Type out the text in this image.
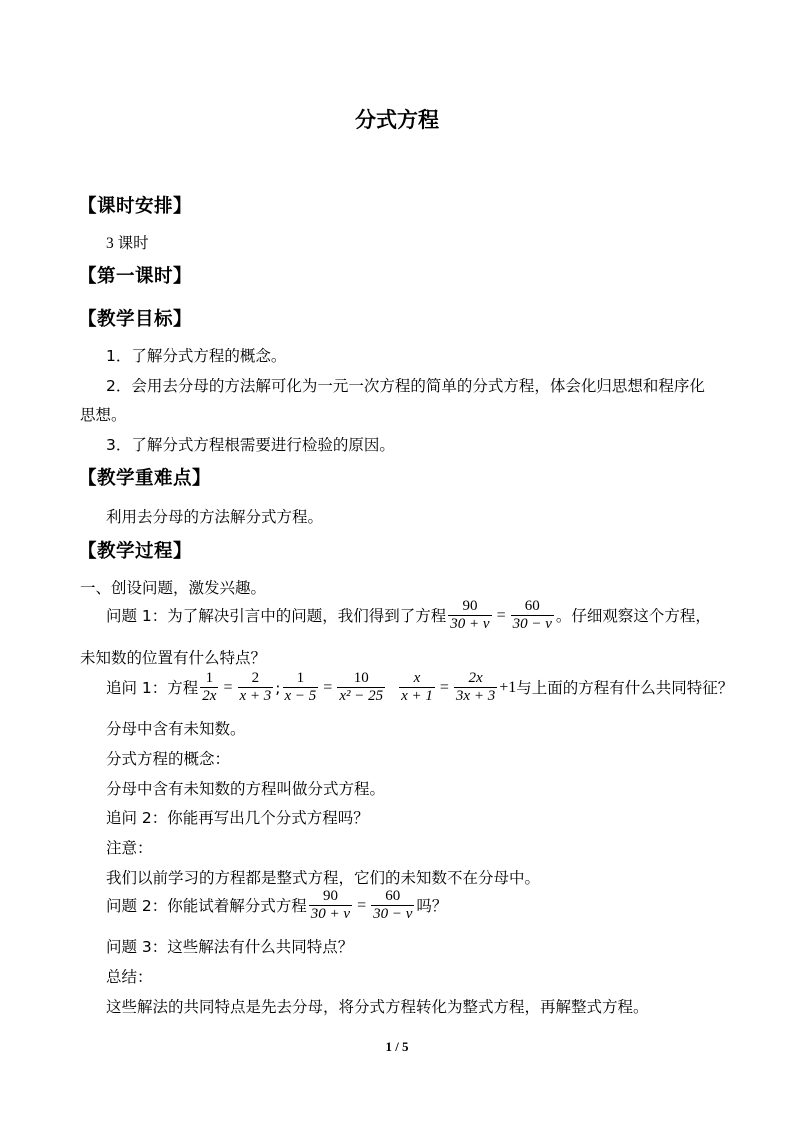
分式方程
【课时安排】
3 课时
【第一课时】
【教学目标】
1．了解分式方程的概念。
2．会用去分母的方法解可化为一元一次方程的简单的分式方程，体会化归思想和程序化
思想。
3．了解分式方程根需要进行检验的原因。
【教学重难点】
利用去分母的方法解分式方程。
【教学过程】
一、创设问题，激发兴趣。
问题 1：为了解决引言中的问题，我们得到了方程 $\frac{90}{30 + v} = \frac{60}{30 - v}$ 。仔细观察这个方程，
未知数的位置有什么特点？
追问 1：方程 $\frac{1}{2x} = \frac{2}{x + 3}$ ; $\frac{1}{x - 5} = \frac{10}{\text{x² − 25}} \frac{x}{x + 1} = \frac{2x}{3x + 3} +1$ 与上面的方程有什么共同特征？
分母中含有未知数。
分式方程的概念：
分母中含有未知数的方程叫做分式方程。
追问 2：你能再写出几个分式方程吗？
注意：
我们以前学习的方程都是整式方程，它们的未知数不在分母中。
问题 2：你能试着解分式方程 $\frac{90}{30 + v} = \frac{60}{30 - v}$ 吗？
问题 3：这些解法有什么共同特点？
总结：
这些解法的共同特点是先去分母，将分式方程转化为整式方程，再解整式方程。
1 / 5
